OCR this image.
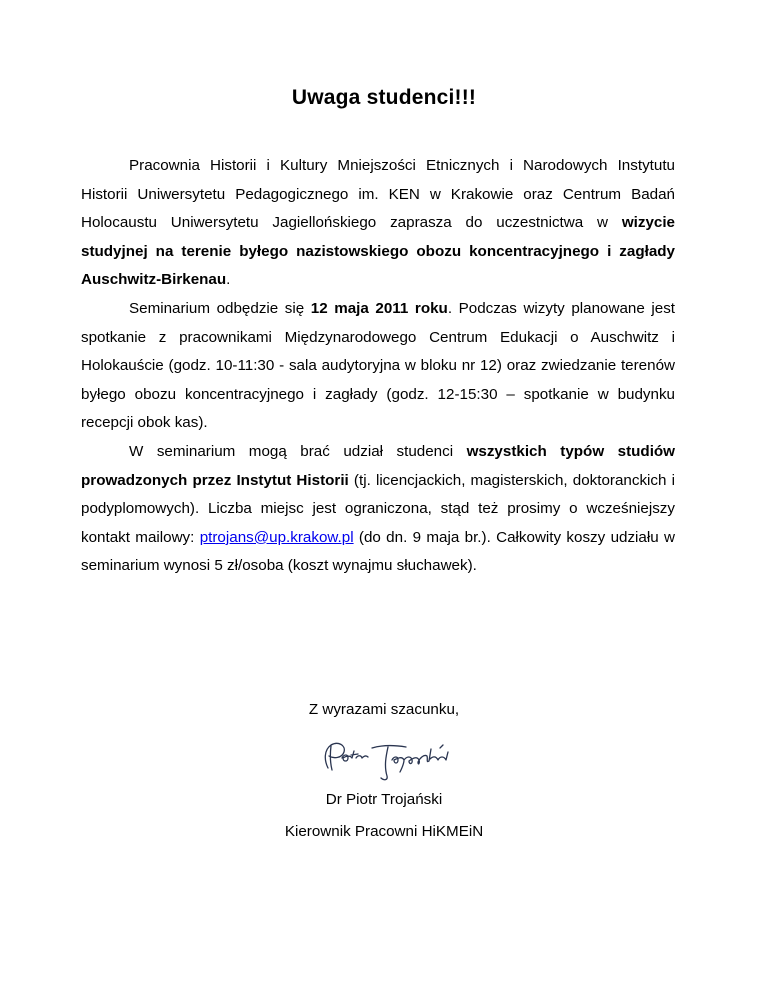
Uwaga studenci!!!

Pracownia Historii i Kultury Mniejszości Etnicznych i Narodowych Instytutu Historii Uniwersytetu Pedagogicznego im. KEN w Krakowie oraz Centrum Badań Holocaustu Uniwersytetu Jagiellońskiego zaprasza do uczestnictwa w wizycie studyjnej na terenie byłego nazistowskiego obozu koncentracyjnego i zagłady Auschwitz-Birkenau.

Seminarium odbędzie się 12 maja 2011 roku. Podczas wizyty planowane jest spotkanie z pracownikami Międzynarodowego Centrum Edukacji o Auschwitz i Holokauście (godz. 10-11:30 - sala audytoryjna w bloku nr 12) oraz zwiedzanie terenów byłego obozu koncentracyjnego i zagłady (godz. 12-15:30 – spotkanie w budynku recepcji obok kas).

W seminarium mogą brać udział studenci wszystkich typów studiów prowadzonych przez Instytut Historii (tj. licencjackich, magisterskich, doktoranckich i podyplomowych). Liczba miejsc jest ograniczona, stąd też prosimy o wcześniejszy kontakt mailowy: ptrojans@up.krakow.pl (do dn. 9 maja br.). Całkowity koszy udziału w seminarium wynosi 5 zł/osoba (koszt wynajmu słuchawek).

Z wyrazami szacunku,
Dr Piotr Trojański
Kierownik Pracowni HiKMEiN
